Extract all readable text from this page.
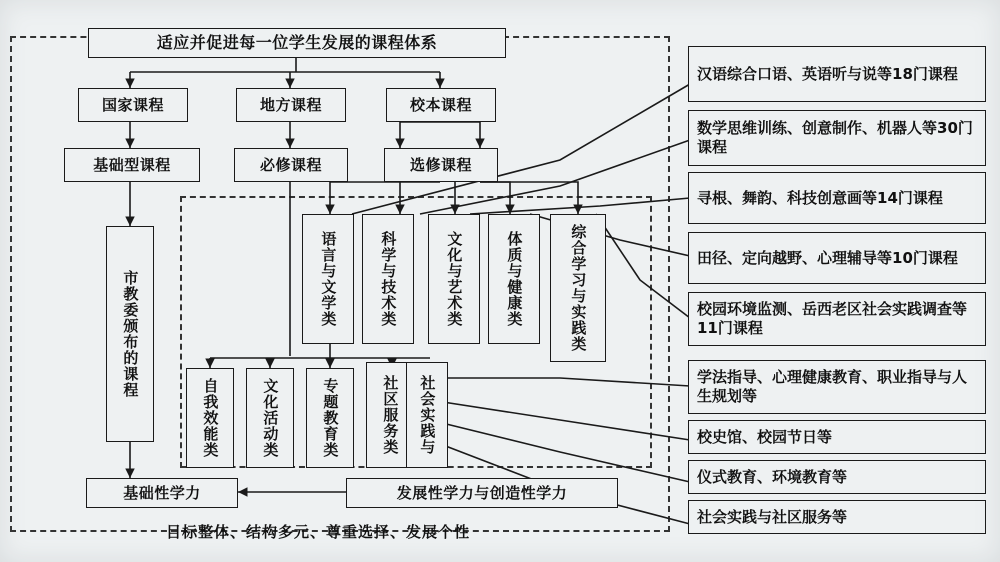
适应并促进每一位学生发展的课程体系
国家课程	地方课程	校本课程
基础型课程	必修课程	选修课程
市教委颁布的课程	语言与文学类	科学与技术类	文化与艺术类	体质与健康类	综合学习与实践类
自我效能类	文化活动类	专题教育类	社区服务类	社会实践与
基础性学力	发展性学力与创造性学力
目标整体、结构多元、尊重选择、发展个性
汉语综合口语、英语听与说等18门课程
数学思维训练、创意制作、机器人等30门课程
寻根、舞韵、科技创意画等14门课程
田径、定向越野、心理辅导等10门课程
校园环境监测、岳西老区社会实践调查等11门课程
学法指导、心理健康教育、职业指导与人生规划等
校史馆、校园节日等
仪式教育、环境教育等
社会实践与社区服务等
